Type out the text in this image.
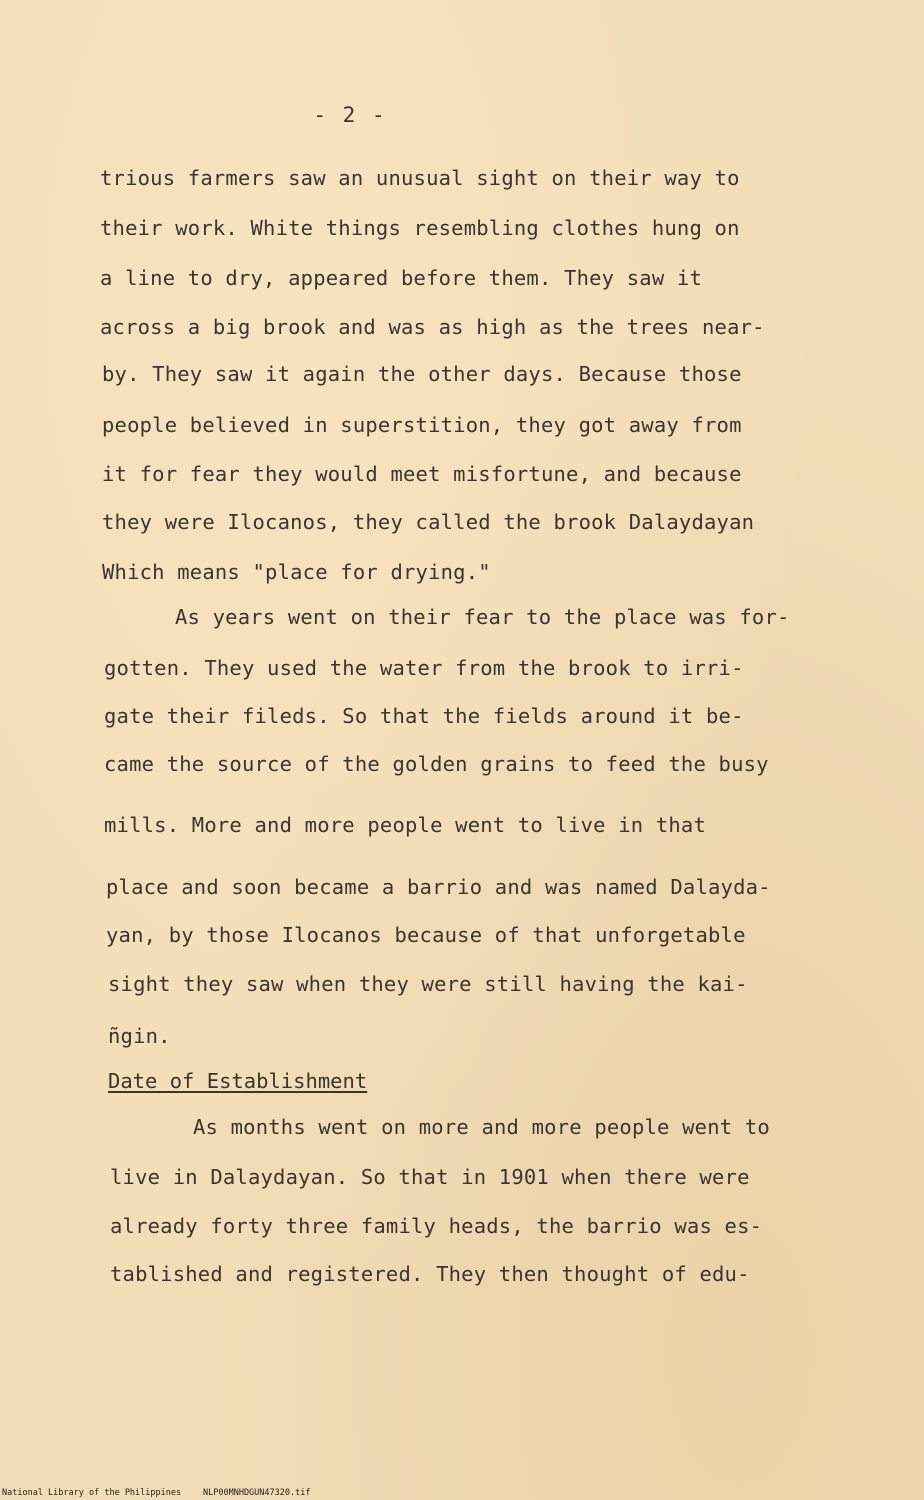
- 2 -
trious farmers saw an unusual sight on their way to
their work. White things resembling clothes hung on
a line to dry, appeared before them. They saw it
across a big brook and was as high as the trees near-
by. They saw it again the other days. Because those
people believed in superstition, they got away from
it for fear they would meet misfortune, and because
they were Ilocanos, they called the brook Dalaydayan
Which means "place for drying."
As years went on their fear to the place was for-
gotten. They used the water from the brook to irri-
gate their fileds. So that the fields around it be-
came the source of the golden grains to feed the busy
mills. More and more people went to live in that
place and soon became a barrio and was named Dalayda-
yan, by those Ilocanos because of that unforgetable
sight they saw when they were still having the kai-
ñgin.
Date of Establishment
As months went on more and more people went to
live in Dalaydayan. So that in 1901 when there were
already forty three family heads, the barrio was es-
tablished and registered. They then thought of edu-
National Library of the Philippines	NLP00MNHDGUN47320.tif
